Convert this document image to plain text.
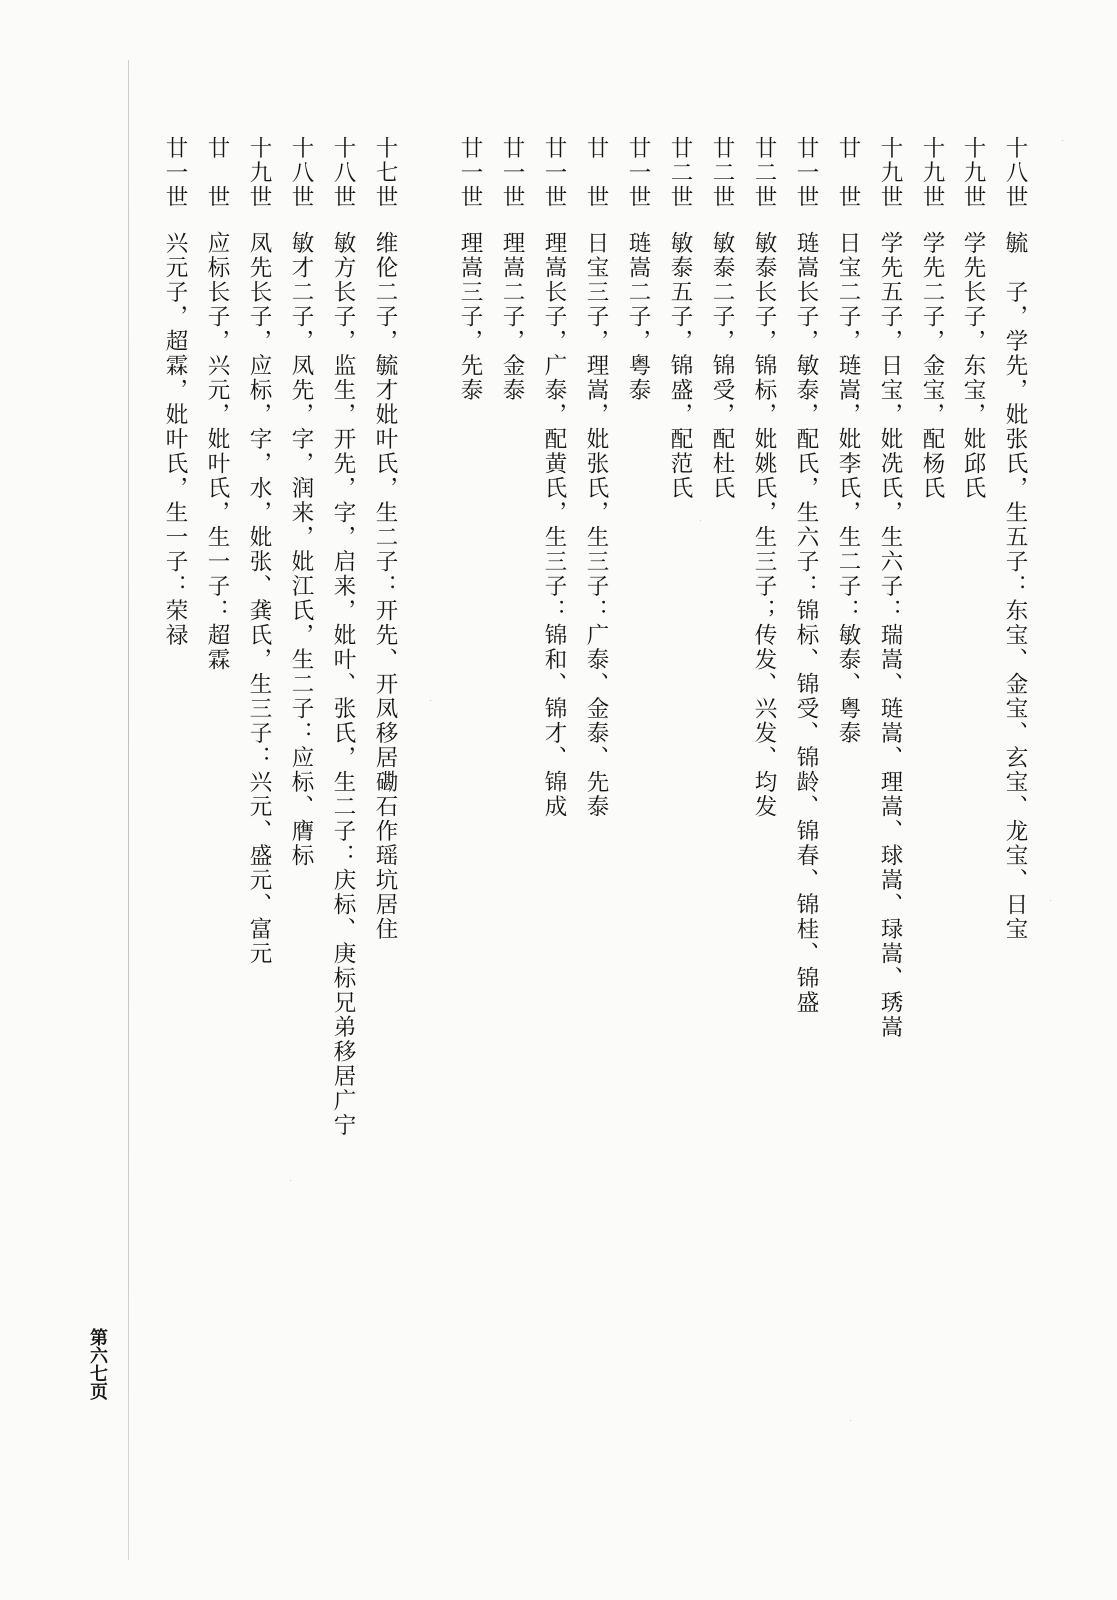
十八世毓　子，学先，妣张氏，生五子：东宝、金宝、玄宝、龙宝、日宝
十九世学先长子，东宝，妣邱氏
十九世学先二子，金宝，配杨氏
十九世学先五子，日宝，妣冼氏，生六子：瑞嵩、琏嵩、理嵩、球嵩、琭嵩、琇嵩
廿　世日宝二子，琏嵩，妣李氏，生二子：敏泰、粤泰
廿一世琏嵩长子，敏泰，配氏，生六子：锦标、锦受、锦龄、锦春、锦桂、锦盛
廿二世敏泰长子，锦标，妣姚氏，生三子；传发、兴发、均发
廿二世敏泰二子，锦受，配杜氏
廿二世敏泰五子，锦盛，配范氏
廿一世琏嵩二子，粤泰
廿　世日宝三子，理嵩，妣张氏，生三子：广泰、金泰、先泰
廿一世理嵩长子，广泰，配黄氏，生三子：锦和、锦才、锦成
廿一世理嵩二子，金泰
廿一世理嵩三子，先泰
十七世维伦二子，毓才妣叶氏，生二子：开先、开凤移居磡石作瑶坑居住
十八世敏方长子，监生，开先，字，启来，妣叶、张氏，生二子：庆标、庚标兄弟移居广宁
十八世敏才二子，凤先，字，润来，妣江氏，生二子：应标、膺标
十九世凤先长子，应标，字，水，妣张、龚氏，生三子：兴元、盛元、富元
廿　世应标长子，兴元，妣叶氏，生一子：超霖
廿一世兴元子，超霖，妣叶氏，生一子：荣禄
第六七页
